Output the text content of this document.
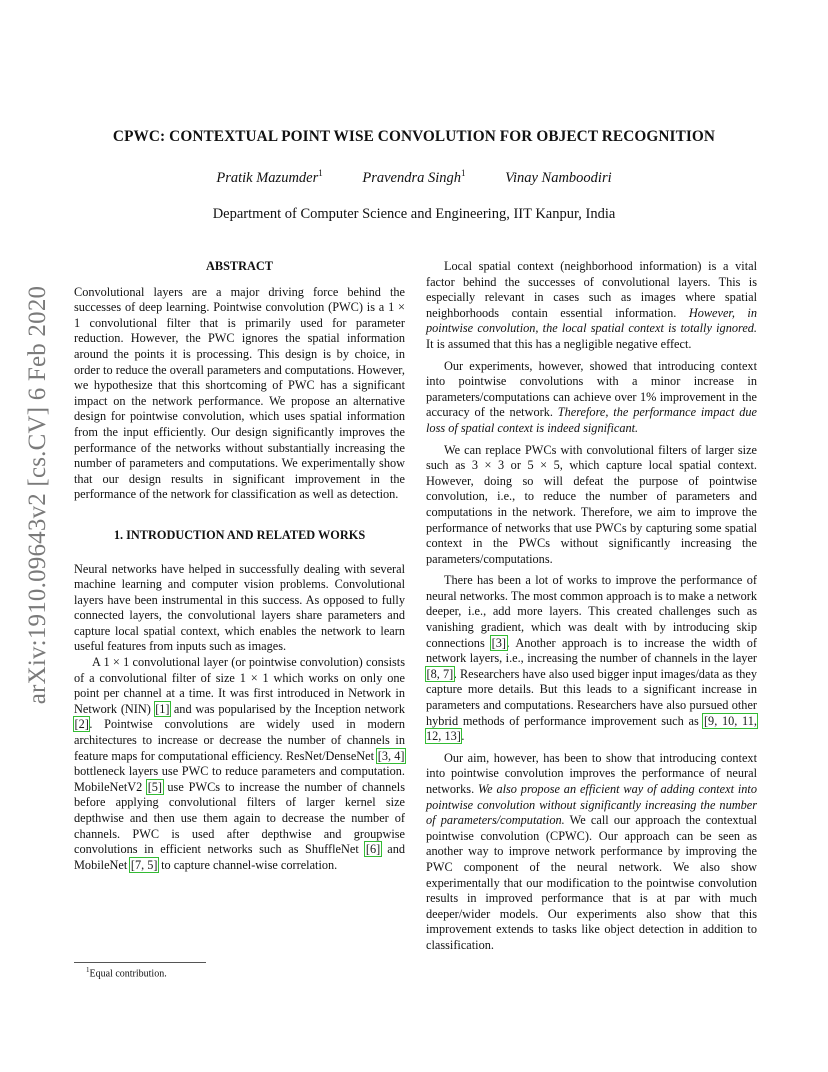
arXiv:1910.09643v2 [cs.CV] 6 Feb 2020
CPWC: CONTEXTUAL POINT WISE CONVOLUTION FOR OBJECT RECOGNITION
Pratik Mazumder$^1$	Pravendra Singh$^1$	Vinay Namboodiri
Department of Computer Science and Engineering, IIT Kanpur, India
ABSTRACT

Convolutional layers are a major driving force behind the successes of deep learning. Pointwise convolution (PWC) is a 1 × 1 convolutional filter that is primarily used for parameter reduction. However, the PWC ignores the spatial information around the points it is processing. This design is by choice, in order to reduce the overall parameters and computations. However, we hypothesize that this shortcoming of PWC has a significant impact on the network performance. We propose an alternative design for pointwise convolution, which uses spatial information from the input efficiently. Our design significantly improves the performance of the networks without substantially increasing the number of parameters and computations. We experimentally show that our design results in significant improvement in the performance of the network for classification as well as detection.

1. INTRODUCTION AND RELATED WORKS

Neural networks have helped in successfully dealing with several machine learning and computer vision problems. Convolutional layers have been instrumental in this success. As opposed to fully connected layers, the convolutional layers share parameters and capture local spatial context, which enables the network to learn useful features from inputs such as images.

A 1 × 1 convolutional layer (or pointwise convolution) consists of a convolutional filter of size 1 × 1 which works on only one point per channel at a time. It was first introduced in Network in Network (NIN) [1] and was popularised by the Inception network [2]. Pointwise convolutions are widely used in modern architectures to increase or decrease the number of channels in feature maps for computational efficiency. ResNet/DenseNet [3, 4] bottleneck layers use PWC to reduce parameters and computation. MobileNetV2 [5] use PWCs to increase the number of channels before applying convolutional filters of larger kernel size depthwise and then use them again to decrease the number of channels. PWC is used after depthwise and groupwise convolutions in efficient networks such as ShuffleNet [6] and MobileNet [7, 5] to capture channel-wise correlation.

Local spatial context (neighborhood information) is a vital factor behind the successes of convolutional layers. This is especially relevant in cases such as images where spatial neighborhoods contain essential information. However, in pointwise convolution, the local spatial context is totally ignored. It is assumed that this has a negligible negative effect.

Our experiments, however, showed that introducing context into pointwise convolutions with a minor increase in parameters/computations can achieve over 1% improvement in the accuracy of the network. Therefore, the performance impact due loss of spatial context is indeed significant.

We can replace PWCs with convolutional filters of larger size such as 3 × 3 or 5 × 5, which capture local spatial context. However, doing so will defeat the purpose of pointwise convolution, i.e., to reduce the number of parameters and computations in the network. Therefore, we aim to improve the performance of networks that use PWCs by capturing some spatial context in the PWCs without significantly increasing the parameters/computations.

There has been a lot of works to improve the performance of neural networks. The most common approach is to make a network deeper, i.e., add more layers. This created challenges such as vanishing gradient, which was dealt with by introducing skip connections [3]. Another approach is to increase the width of network layers, i.e., increasing the number of channels in the layer [8, 7]. Researchers have also used bigger input images/data as they capture more details. But this leads to a significant increase in parameters and computations. Researchers have also pursued other hybrid methods of performance improvement such as [9, 10, 11, 12, 13].

Our aim, however, has been to show that introducing context into pointwise convolution improves the performance of neural networks. We also propose an efficient way of adding context into pointwise convolution without significantly increasing the number of parameters/computation. We call our approach the contextual pointwise convolution (CPWC). Our approach can be seen as another way to improve network performance by improving the PWC component of the neural network. We also show experimentally that our modification to the pointwise convolution results in improved performance that is at par with much deeper/wider models. Our experiments also show that this improvement extends to tasks like object detection in addition to classification.

$^1$Equal contribution.
